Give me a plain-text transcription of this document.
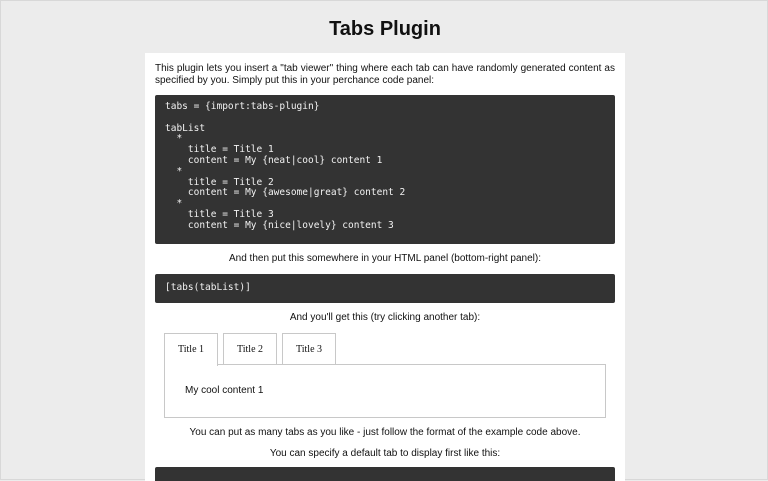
Tabs Plugin

This plugin lets you insert a "tab viewer" thing where each tab can have randomly generated content as specified by you. Simply put this in your perchance code panel:

tabs = {import:tabs-plugin}

tabList
*
title = Title 1
content = My {neat|cool} content 1
*
title = Title 2
content = My {awesome|great} content 2
*
title = Title 3
content = My {nice|lovely} content 3
And then put this somewhere in your HTML panel (bottom-right panel):
[tabs(tabList)]
And you'll get this (try clicking another tab):
Title 1	Title 2	Title 3
My cool content 1
You can put as many tabs as you like - just follow the format of the example code above.
You can specify a default tab to display first like this:
